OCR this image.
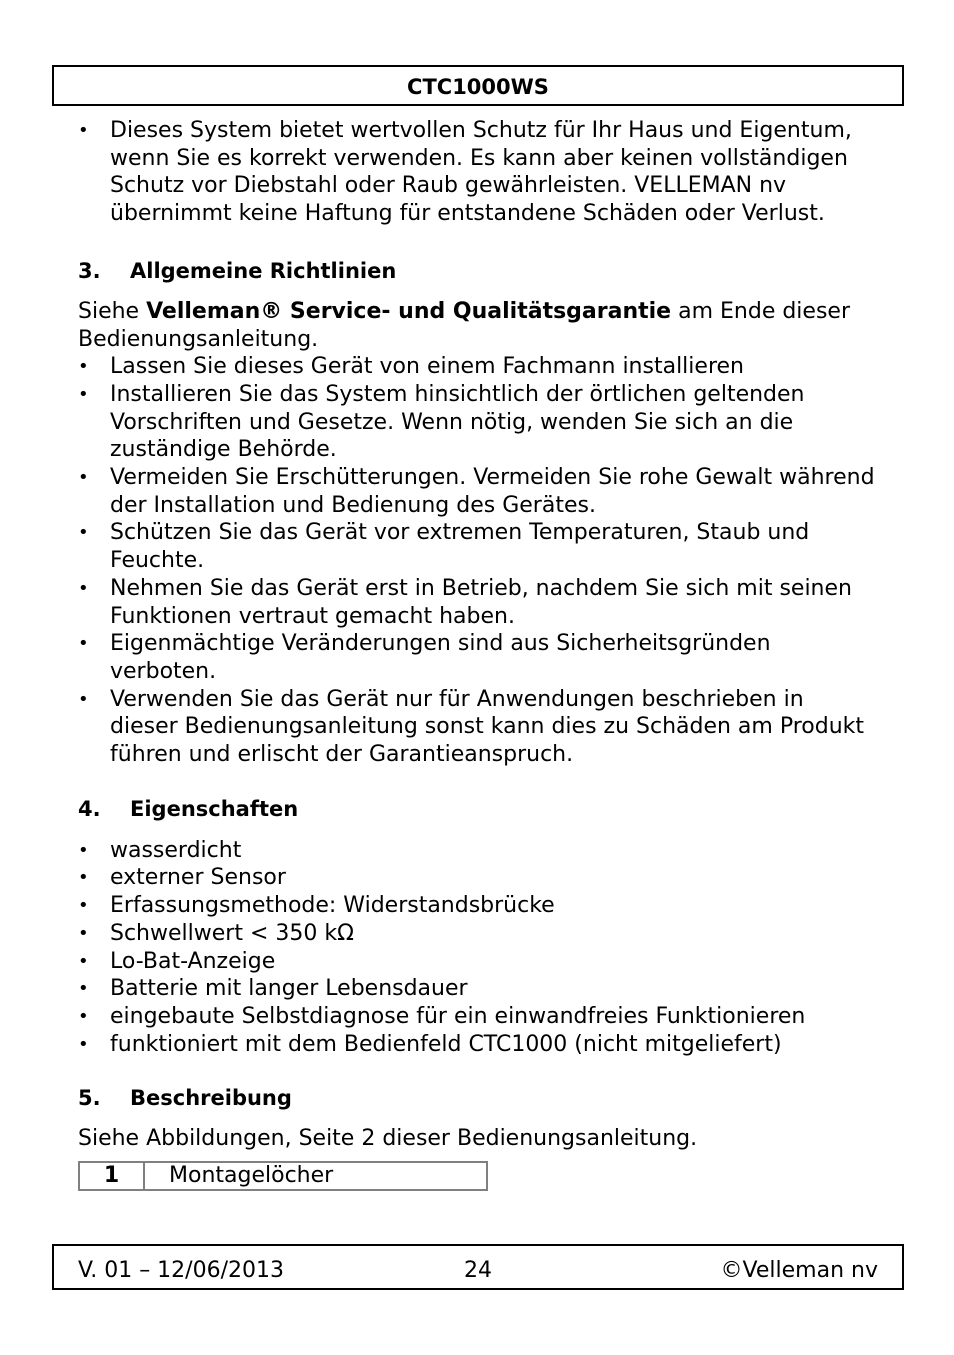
CTC1000WS
• Dieses System bietet wertvollen Schutz für Ihr Haus und Eigentum, wenn Sie es korrekt verwenden. Es kann aber keinen vollständigen Schutz vor Diebstahl oder Raub gewährleisten. VELLEMAN nv übernimmt keine Haftung für entstandene Schäden oder Verlust.
3.	Allgemeine Richtlinien

Siehe Velleman® Service- und Qualitätsgarantie am Ende dieser Bedienungsanleitung.

• Lassen Sie dieses Gerät von einem Fachmann installieren
• Installieren Sie das System hinsichtlich der örtlichen geltenden Vorschriften und Gesetze. Wenn nötig, wenden Sie sich an die zuständige Behörde.
• Vermeiden Sie Erschütterungen. Vermeiden Sie rohe Gewalt während der Installation und Bedienung des Gerätes.
• Schützen Sie das Gerät vor extremen Temperaturen, Staub und Feuchte.
• Nehmen Sie das Gerät erst in Betrieb, nachdem Sie sich mit seinen Funktionen vertraut gemacht haben.
• Eigenmächtige Veränderungen sind aus Sicherheitsgründen verboten.
• Verwenden Sie das Gerät nur für Anwendungen beschrieben in dieser Bedienungsanleitung sonst kann dies zu Schäden am Produkt führen und erlischt der Garantieanspruch.
4.	Eigenschaften
• wasserdicht
• externer Sensor
• Erfassungsmethode: Widerstandsbrücke
• Schwellwert < 350 kΩ
• Lo-Bat-Anzeige
• Batterie mit langer Lebensdauer
• eingebaute Selbstdiagnose für ein einwandfreies Funktionieren
• funktioniert mit dem Bedienfeld CTC1000 (nicht mitgeliefert)
5.	Beschreibung

Siehe Abbildungen, Seite 2 dieser Bedienungsanleitung.

1	Montagelöcher
V. 01 – 12/06/2013	24	©Velleman nv
